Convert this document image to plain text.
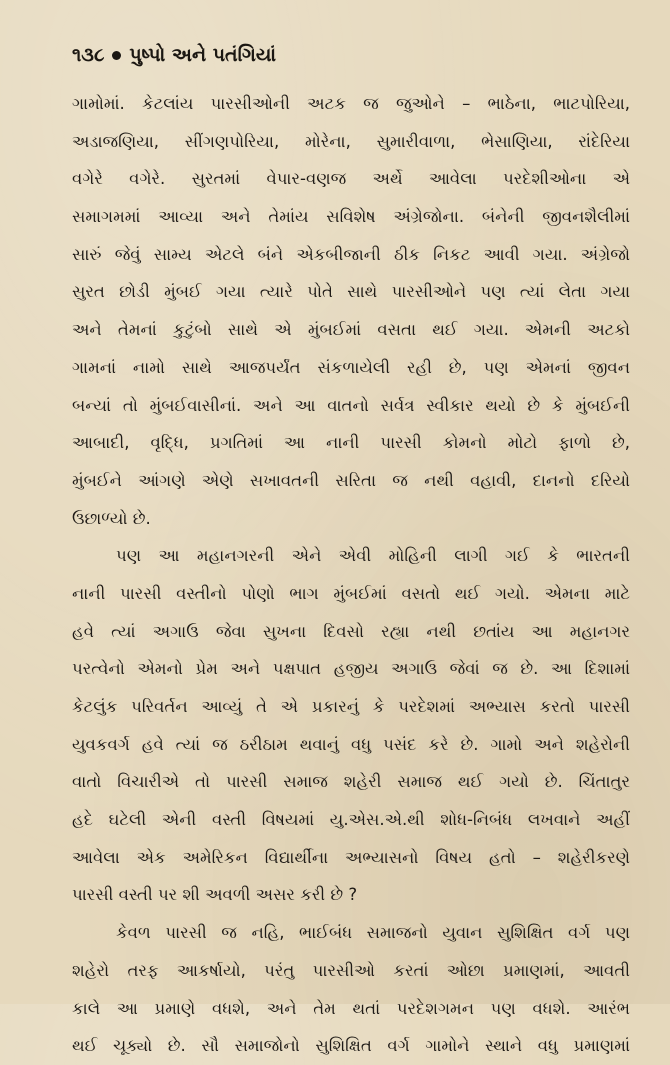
૧૩૮ પુષ્પો અને પતંગિયાં
ગામોમાં. કેટલાંય પારસીઓની અટક જ જુઓને – ભાઠેના, ભાટપોરિયા,
અડાજણિયા, સીંગણપોરિયા, મોરેના, સુમારીવાળા, ભેસાણિયા, રાંદેરિયા
વગેરે વગેરે. સુરતમાં વેપાર-વણજ અર્થે આવેલા પરદેશીઓના એ
સમાગમમાં આવ્યા અને તેમાંય સવિશેષ અંગ્રેજોના. બંનેની જીવનશૈલીમાં
સારું જેવું સામ્ય એટલે બંને એકબીજાની ઠીક નિકટ આવી ગયા. અંગ્રેજો
સુરત છોડી મુંબઈ ગયા ત્યારે પોતે સાથે પારસીઓને પણ ત્યાં લેતા ગયા
અને તેમનાં કુટુંબો સાથે એ મુંબઈમાં વસતા થઈ ગયા. એમની અટકો
ગામનાં નામો સાથે આજપર્યંત સંકળાયેલી રહી છે, પણ એમનાં જીવન
બન્યાં તો મુંબઈવાસીનાં. અને આ વાતનો સર્વત્ર સ્વીકાર થયો છે કે મુંબઈની
આબાદી, વૃદ્ધિ, પ્રગતિમાં આ નાની પારસી કોમનો મોટો ફાળો છે,
મુંબઈને આંગણે એણે સખાવતની સરિતા જ નથી વહાવી, દાનનો દરિયો
ઉછાળ્યો છે.
પણ આ મહાનગરની એને એવી મોહિની લાગી ગઈ કે ભારતની
નાની પારસી વસ્તીનો પોણો ભાગ મુંબઈમાં વસતો થઈ ગયો. એમના માટે
હવે ત્યાં અગાઉ જેવા સુખના દિવસો રહ્યા નથી છતાંય આ મહાનગર
પરત્વેનો એમનો પ્રેમ અને પક્ષપાત હજીય અગાઉ જેવાં જ છે. આ દિશામાં
કેટલુંક પરિવર્તન આવ્યું તે એ પ્રકારનું કે પરદેશમાં અભ્યાસ કરતો પારસી
યુવકવર્ગ હવે ત્યાં જ ઠરીઠામ થવાનું વધુ પસંદ કરે છે. ગામો અને શહેરોની
વાતો વિચારીએ તો પારસી સમાજ શહેરી સમાજ થઈ ગયો છે. ચિંતાતુર
હદે ઘટેલી એની વસ્તી વિષયમાં યુ.એસ.એ.થી શોધ-નિબંધ લખવાને અહીં
આવેલા એક અમેરિકન વિદ્યાર્થીના અભ્યાસનો વિષય હતો – શહેરીકરણે
પારસી વસ્તી પર શી અવળી અસર કરી છે ?
કેવળ પારસી જ નહિ, ભાઈબંધ સમાજનો યુવાન સુશિક્ષિત વર્ગ પણ
શહેરો તરફ આકર્ષાયો, પરંતુ પારસીઓ કરતાં ઓછા પ્રમાણમાં, આવતી
કાલે આ પ્રમાણે વધશે, અને તેમ થતાં પરદેશગમન પણ વધશે. આરંભ
થઈ ચૂક્યો છે. સૌ સમાજોનો સુશિક્ષિત વર્ગ ગામોને સ્થાને વધુ પ્રમાણમાં
